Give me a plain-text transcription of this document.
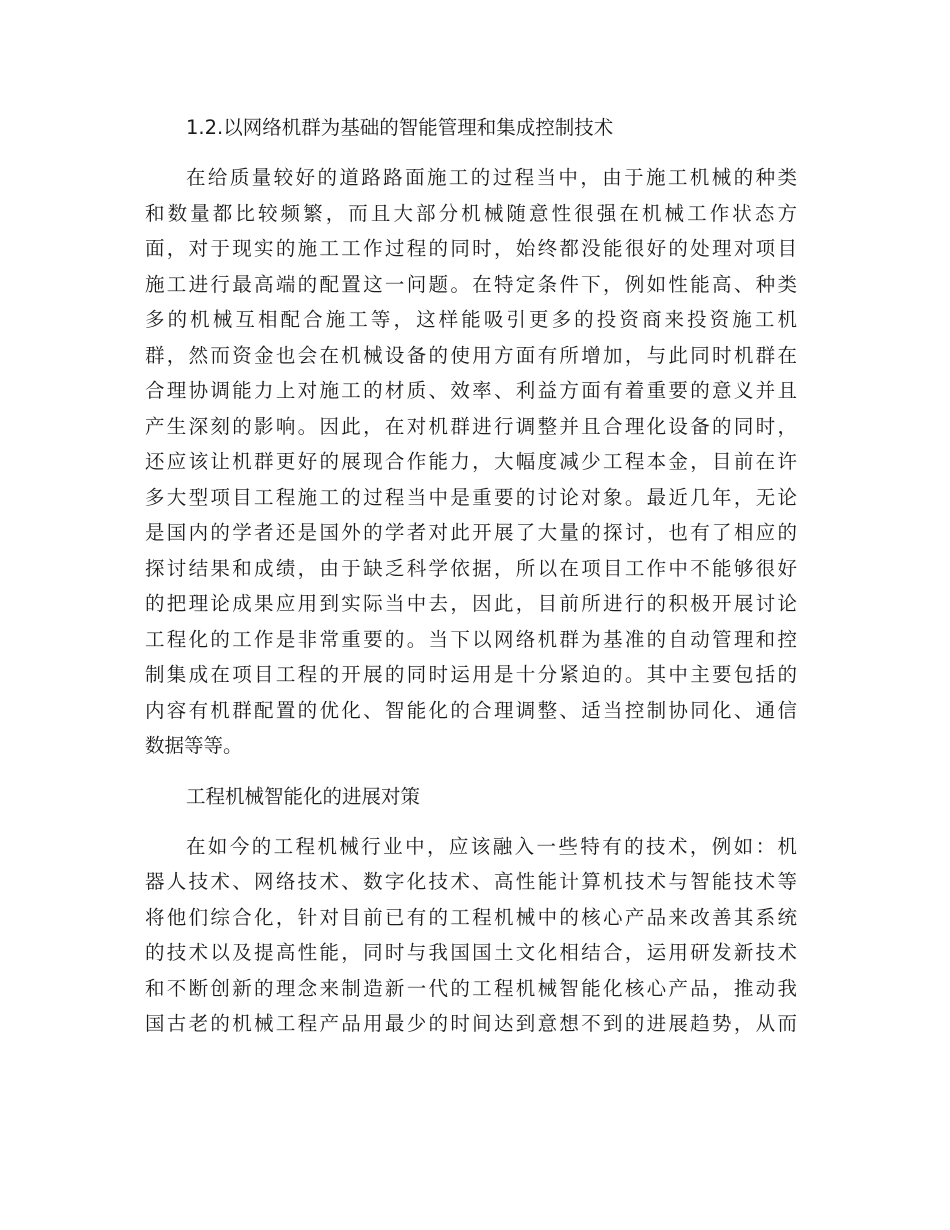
1.2.以网络机群为基础的智能管理和集成控制技术
在给质量较好的道路路面施工的过程当中，由于施工机械的种类
和数量都比较频繁，而且大部分机械随意性很强在机械工作状态方
面，对于现实的施工工作过程的同时，始终都没能很好的处理对项目
施工进行最高端的配置这一问题。在特定条件下，例如性能高、种类
多的机械互相配合施工等，这样能吸引更多的投资商来投资施工机
群，然而资金也会在机械设备的使用方面有所增加，与此同时机群在
合理协调能力上对施工的材质、效率、利益方面有着重要的意义并且
产生深刻的影响。因此，在对机群进行调整并且合理化设备的同时，
还应该让机群更好的展现合作能力，大幅度减少工程本金，目前在许
多大型项目工程施工的过程当中是重要的讨论对象。最近几年，无论
是国内的学者还是国外的学者对此开展了大量的探讨，也有了相应的
探讨结果和成绩，由于缺乏科学依据，所以在项目工作中不能够很好
的把理论成果应用到实际当中去，因此，目前所进行的积极开展讨论
工程化的工作是非常重要的。当下以网络机群为基准的自动管理和控
制集成在项目工程的开展的同时运用是十分紧迫的。其中主要包括的
内容有机群配置的优化、智能化的合理调整、适当控制协同化、通信
数据等等。
工程机械智能化的进展对策
在如今的工程机械行业中，应该融入一些特有的技术，例如：机
器人技术、网络技术、数字化技术、高性能计算机技术与智能技术等
将他们综合化，针对目前已有的工程机械中的核心产品来改善其系统
的技术以及提高性能，同时与我国国土文化相结合，运用研发新技术
和不断创新的理念来制造新一代的工程机械智能化核心产品，推动我
国古老的机械工程产品用最少的时间达到意想不到的进展趋势，从而
